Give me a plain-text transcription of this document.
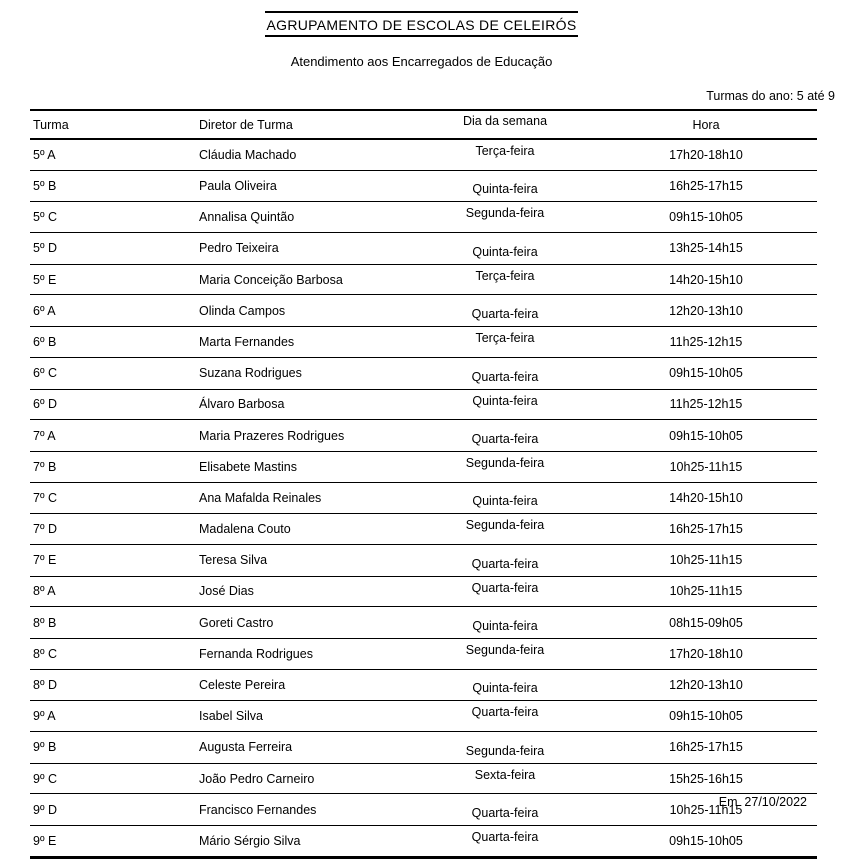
AGRUPAMENTO DE ESCOLAS DE CELEIRÓS
Atendimento aos Encarregados de Educação
Turmas do ano: 5 até 9
Turma	Diretor de Turma	Dia da semana	Hora
5º A	Cláudia Machado	Terça-feira	17h20-18h10
5º B	Paula Oliveira	Quinta-feira	16h25-17h15
5º C	Annalisa Quintão	Segunda-feira	09h15-10h05
5º D	Pedro Teixeira	Quinta-feira	13h25-14h15
5º E	Maria Conceição Barbosa	Terça-feira	14h20-15h10
6º A	Olinda Campos	Quarta-feira	12h20-13h10
6º B	Marta Fernandes	Terça-feira	11h25-12h15
6º C	Suzana Rodrigues	Quarta-feira	09h15-10h05
6º D	Álvaro Barbosa	Quinta-feira	11h25-12h15
7º A	Maria Prazeres Rodrigues	Quarta-feira	09h15-10h05
7º B	Elisabete Mastins	Segunda-feira	10h25-11h15
7º C	Ana Mafalda Reinales	Quinta-feira	14h20-15h10
7º D	Madalena Couto	Segunda-feira	16h25-17h15
7º E	Teresa Silva	Quarta-feira	10h25-11h15
8º A	José Dias	Quarta-feira	10h25-11h15
8º B	Goreti Castro	Quinta-feira	08h15-09h05
8º C	Fernanda Rodrigues	Segunda-feira	17h20-18h10
8º D	Celeste Pereira	Quinta-feira	12h20-13h10
9º A	Isabel Silva	Quarta-feira	09h15-10h05
9º B	Augusta Ferreira	Segunda-feira	16h25-17h15
9º C	João Pedro Carneiro	Sexta-feira	15h25-16h15
9º D	Francisco Fernandes	Quarta-feira	10h25-11h15
9º E	Mário Sérgio Silva	Quarta-feira	09h15-10h05
Em  27/10/2022
